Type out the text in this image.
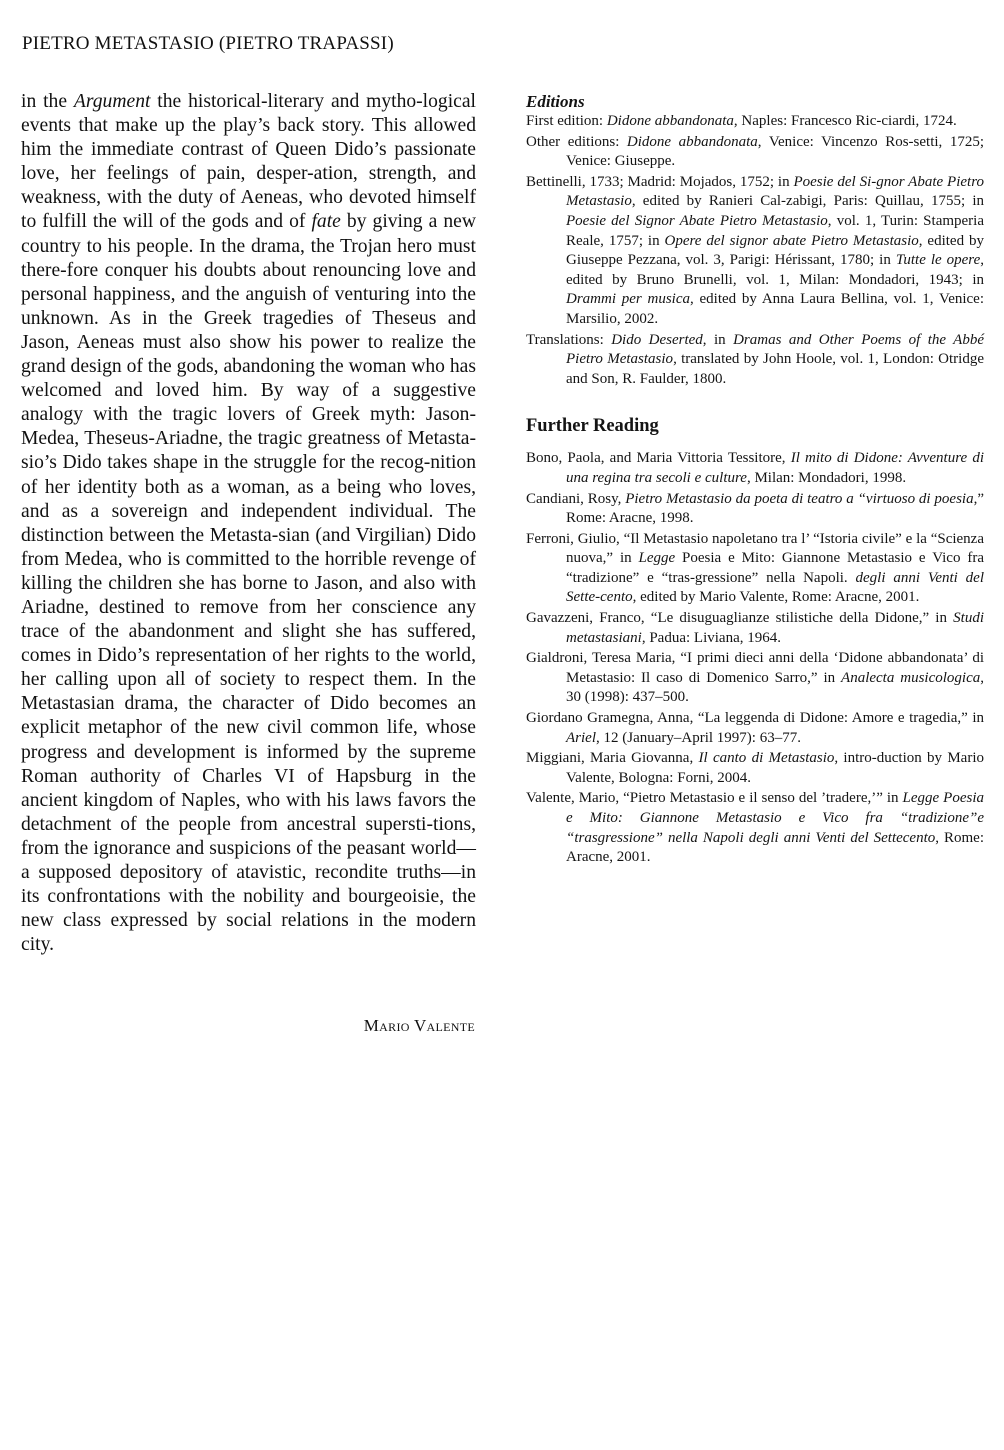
PIETRO METASTASIO (PIETRO TRAPASSI)

in the Argument the historical-literary and mytho-logical events that make up the play’s back story. This allowed him the immediate contrast of Queen Dido’s passionate love, her feelings of pain, desper-ation, strength, and weakness, with the duty of Aeneas, who devoted himself to fulfill the will of the gods and of fate by giving a new country to his people. In the drama, the Trojan hero must there-fore conquer his doubts about renouncing love and personal happiness, and the anguish of venturing into the unknown. As in the Greek tragedies of Theseus and Jason, Aeneas must also show his power to realize the grand design of the gods, abandoning the woman who has welcomed and loved him. By way of a suggestive analogy with the tragic lovers of Greek myth: Jason-Medea, Theseus-Ariadne, the tragic greatness of Metasta-sio’s Dido takes shape in the struggle for the recog-nition of her identity both as a woman, as a being who loves, and as a sovereign and independent individual. The distinction between the Metasta-sian (and Virgilian) Dido from Medea, who is committed to the horrible revenge of killing the children she has borne to Jason, and also with Ariadne, destined to remove from her conscience any trace of the abandonment and slight she has suffered, comes in Dido’s representation of her rights to the world, her calling upon all of society to respect them. In the Metastasian drama, the character of Dido becomes an explicit metaphor of the new civil common life, whose progress and development is informed by the supreme Roman authority of Charles VI of Hapsburg in the ancient kingdom of Naples, who with his laws favors the detachment of the people from ancestral supersti-tions, from the ignorance and suspicions of the peasant world—a supposed depository of atavistic, recondite truths—in its confrontations with the nobility and bourgeoisie, the new class expressed by social relations in the modern city.

Mario Valente
Editions

First edition: Didone abbandonata, Naples: Francesco Ric-ciardi, 1724.

Other editions: Didone abbandonata, Venice: Vincenzo Ros-setti, 1725; Venice: Giuseppe.

Bettinelli, 1733; Madrid: Mojados, 1752; in Poesie del Si-gnor Abate Pietro Metastasio, edited by Ranieri Cal-zabigi, Paris: Quillau, 1755; in Poesie del Signor Abate Pietro Metastasio, vol. 1, Turin: Stamperia Reale, 1757; in Opere del signor abate Pietro Metastasio, edited by Giuseppe Pezzana, vol. 3, Parigi: Hérissant, 1780; in Tutte le opere, edited by Bruno Brunelli, vol. 1, Milan: Mondadori, 1943; in Drammi per musica, edited by Anna Laura Bellina, vol. 1, Venice: Marsilio, 2002.

Translations: Dido Deserted, in Dramas and Other Poems of the Abbé Pietro Metastasio, translated by John Hoole, vol. 1, London: Otridge and Son, R. Faulder, 1800.

Further Reading

Bono, Paola, and Maria Vittoria Tessitore, Il mito di Didone: Avventure di una regina tra secoli e culture, Milan: Mondadori, 1998.

Candiani, Rosy, Pietro Metastasio da poeta di teatro a “virtuoso di poesia,” Rome: Aracne, 1998.

Ferroni, Giulio, “Il Metastasio napoletano tra l’ “Istoria civile” e la “Scienza nuova,” in Legge Poesia e Mito: Giannone Metastasio e Vico fra “tradizione” e “tras-gressione” nella Napoli. degli anni Venti del Sette-cento, edited by Mario Valente, Rome: Aracne, 2001.

Gavazzeni, Franco, “Le disuguaglianze stilistiche della Didone,” in Studi metastasiani, Padua: Liviana, 1964.

Gialdroni, Teresa Maria, “I primi dieci anni della ‘Didone abbandonata’ di Metastasio: Il caso di Domenico Sarro,” in Analecta musicologica, 30 (1998): 437–500.

Giordano Gramegna, Anna, “La leggenda di Didone: Amore e tragedia,” in Ariel, 12 (January–April 1997): 63–77.

Miggiani, Maria Giovanna, Il canto di Metastasio, intro-duction by Mario Valente, Bologna: Forni, 2004.

Valente, Mario, “Pietro Metastasio e il senso del ’tradere,’” in Legge Poesia e Mito: Giannone Metastasio e Vico fra “tradizione”e “trasgressione” nella Napoli degli anni Venti del Settecento, Rome: Aracne, 2001.
